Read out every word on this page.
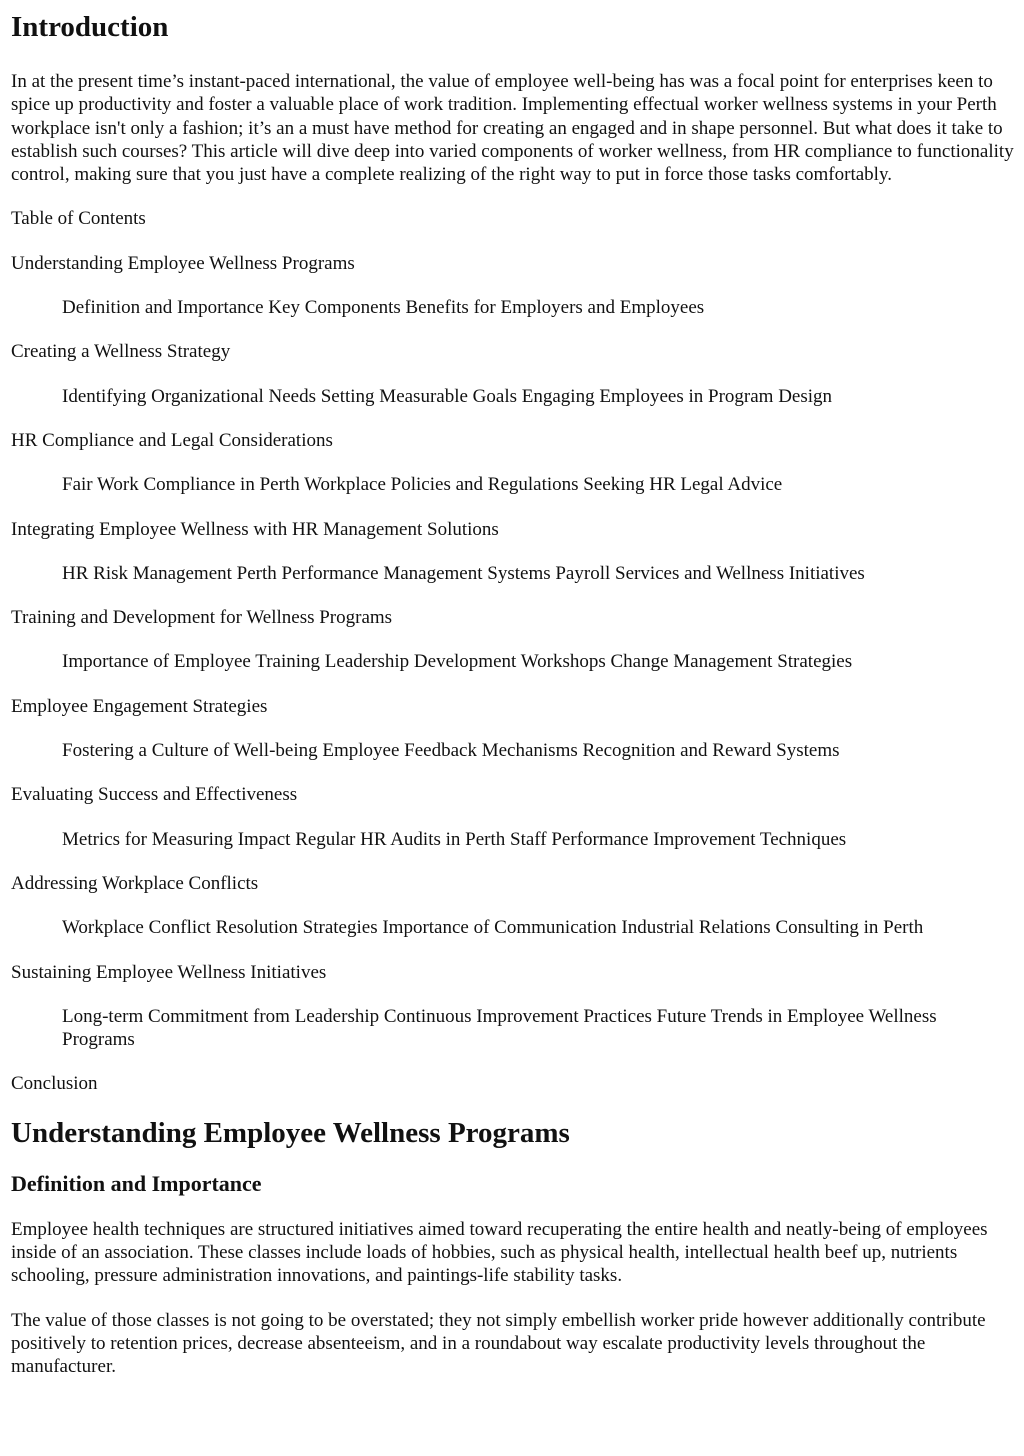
Introduction

In at the present time’s instant-paced international, the value of employee well-being has was a focal point for enterprises keen to spice up productivity and foster a valuable place of work tradition. Implementing effectual worker wellness systems in your Perth workplace isn't only a fashion; it’s an a must have method for creating an engaged and in shape personnel. But what does it take to establish such courses? This article will dive deep into varied components of worker wellness, from HR compliance to functionality control, making sure that you just have a complete realizing of the right way to put in force those tasks comfortably.

Table of Contents

Understanding Employee Wellness Programs

Definition and Importance Key Components Benefits for Employers and Employees

Creating a Wellness Strategy

Identifying Organizational Needs Setting Measurable Goals Engaging Employees in Program Design

HR Compliance and Legal Considerations

Fair Work Compliance in Perth Workplace Policies and Regulations Seeking HR Legal Advice

Integrating Employee Wellness with HR Management Solutions

HR Risk Management Perth Performance Management Systems Payroll Services and Wellness Initiatives

Training and Development for Wellness Programs

Importance of Employee Training Leadership Development Workshops Change Management Strategies

Employee Engagement Strategies

Fostering a Culture of Well-being Employee Feedback Mechanisms Recognition and Reward Systems

Evaluating Success and Effectiveness

Metrics for Measuring Impact Regular HR Audits in Perth Staff Performance Improvement Techniques

Addressing Workplace Conflicts

Workplace Conflict Resolution Strategies Importance of Communication Industrial Relations Consulting in Perth

Sustaining Employee Wellness Initiatives

Long-term Commitment from Leadership Continuous Improvement Practices Future Trends in Employee Wellness Programs

Conclusion

Understanding Employee Wellness Programs
Definition and Importance

Employee health techniques are structured initiatives aimed toward recuperating the entire health and neatly-being of employees inside of an association. These classes include loads of hobbies, such as physical health, intellectual health beef up, nutrients schooling, pressure administration innovations, and paintings-life stability tasks.

The value of those classes is not going to be overstated; they not simply embellish worker pride however additionally contribute positively to retention prices, decrease absenteeism, and in a roundabout way escalate productivity levels throughout the manufacturer.
